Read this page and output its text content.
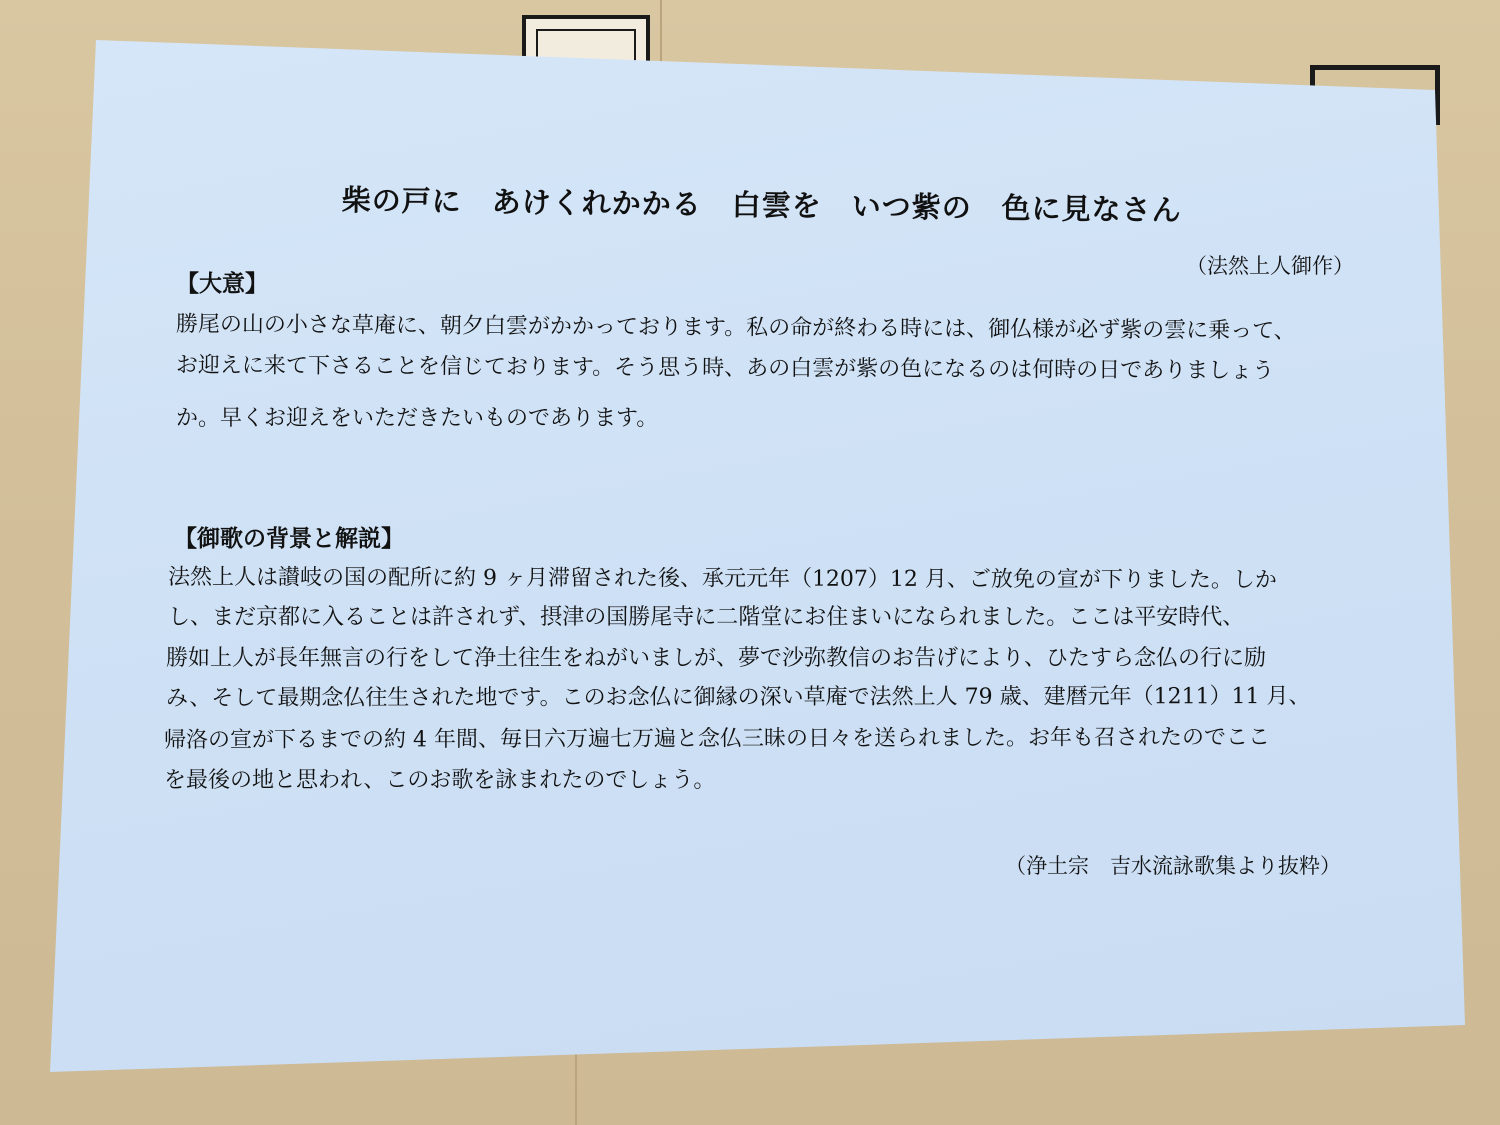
柴の戸に　あけくれかかる　白雲を　いつ紫の　色に見なさん
（法然上人御作）
【大意】
勝尾の山の小さな草庵に、朝夕白雲がかかっております。私の命が終わる時には、御仏様が必ず紫の雲に乗って、
お迎えに来て下さることを信じております。そう思う時、あの白雲が紫の色になるのは何時の日でありましょう
か。早くお迎えをいただきたいものであります。
【御歌の背景と解説】
法然上人は讃岐の国の配所に約 9 ヶ月滞留された後、承元元年（1207）12 月、ご放免の宣が下りました。しか
し、まだ京都に入ることは許されず、摂津の国勝尾寺に二階堂にお住まいになられました。ここは平安時代、
勝如上人が長年無言の行をして浄土往生をねがいましが、夢で沙弥教信のお告げにより、ひたすら念仏の行に励
み、そして最期念仏往生された地です。このお念仏に御縁の深い草庵で法然上人 79 歳、建暦元年（1211）11 月、
帰洛の宣が下るまでの約 4 年間、毎日六万遍七万遍と念仏三昧の日々を送られました。お年も召されたのでここ
を最後の地と思われ、このお歌を詠まれたのでしょう。
（浄土宗　吉水流詠歌集より抜粋）
